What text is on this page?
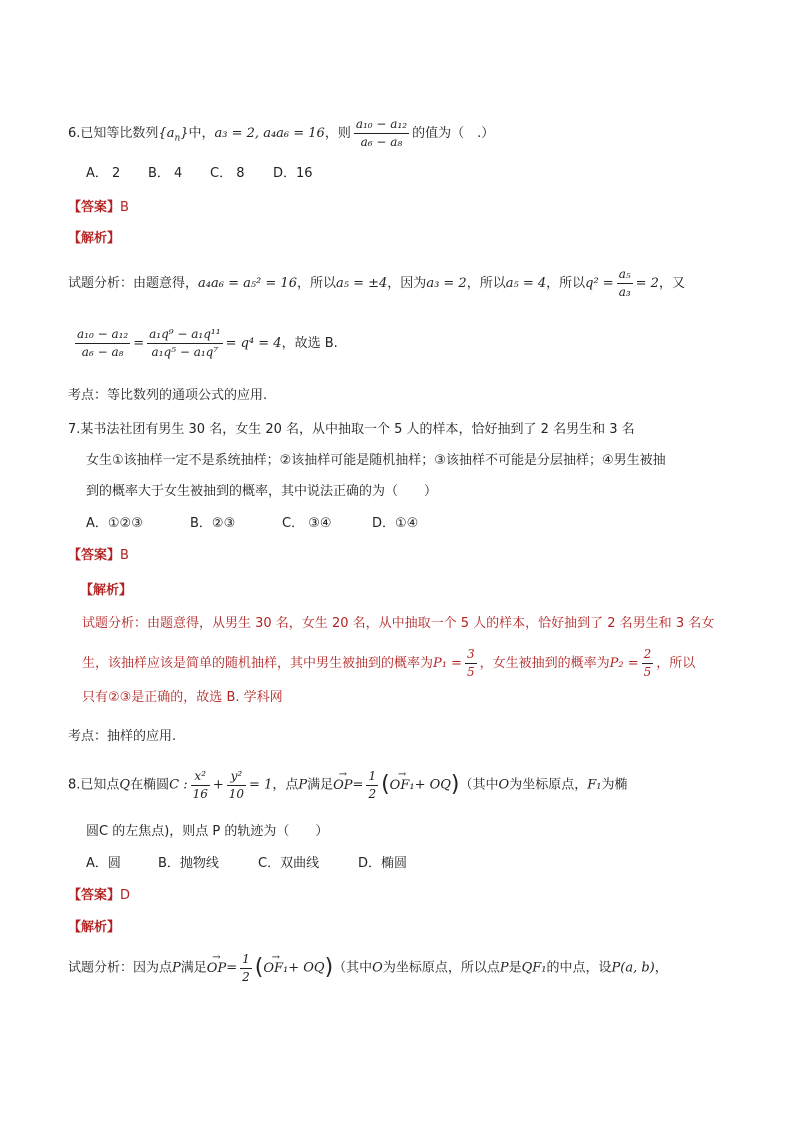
6.已知等比数列$\{a_n\}$中，a₃ = 2, a₄a₆ = 16，则 $\frac{\text{a₁₀ − a₁₂}}{\text{a₆ − a₈}}$ 的值为（　.）
A． 2 B． 4 C． 8 D．16
【答案】B
【解析】
试题分析：由题意得，a₄a₆ = a₅² = 16，所以a₅ = ±4，因为a₃ = 2，所以a₅ = 4，所以$q^2 = \frac{\text{a₅}}{\text{a₃}} = 2$，又
$\frac{\text{a₁₀ − a₁₂}}{\text{a₆ − a₈}} = \frac{\text{a₁q⁹ − a₁q¹¹}}{\text{a₁q⁵ − a₁q⁷}} = q^4 = 4$，故选 B.
考点：等比数列的通项公式的应用.
7.某书法社团有男生 30 名，女生 20 名，从中抽取一个 5 人的样本，恰好抽到了 2 名男生和 3 名
女生①该抽样一定不是系统抽样；②该抽样可能是随机抽样；③该抽样不可能是分层抽样；④男生被抽
到的概率大于女生被抽到的概率，其中说法正确的为（　　）
A．①②③	B．②③	C． ③④	D．①④
【答案】B
【解析】
试题分析：由题意得，从男生 30 名，女生 20 名，从中抽取一个 5 人的样本，恰好抽到了 2 名男生和 3 名女
生，该抽样应该是简单的随机抽样，其中男生被抽到的概率为$P_1 = \frac{3}{5}$ ，女生被抽到的概率为$P_2 = \frac{2}{5}$ ，所以
只有②③是正确的，故选 B. 学科网
考点：抽样的应用.
8.已知点Q在椭圆C : $\frac{\text{x²}}{16} + \frac{\text{y²}}{10} = 1$，点P满足→ $OP= \frac{1}{2}$ (→ OF₁+ OQ)（其中O为坐标原点，F₁为椭
圆C 的左焦点)，则点 P 的轨迹为（　　）
A．圆	B．抛物线	C．双曲线	D．椭圆
【答案】D
【解析】
试题分析：因为点P满足→ $OP= \frac{1}{2}$ (→ OF₁+ OQ)（其中O为坐标原点，所以点P是QF₁的中点，设P(a, b)，
